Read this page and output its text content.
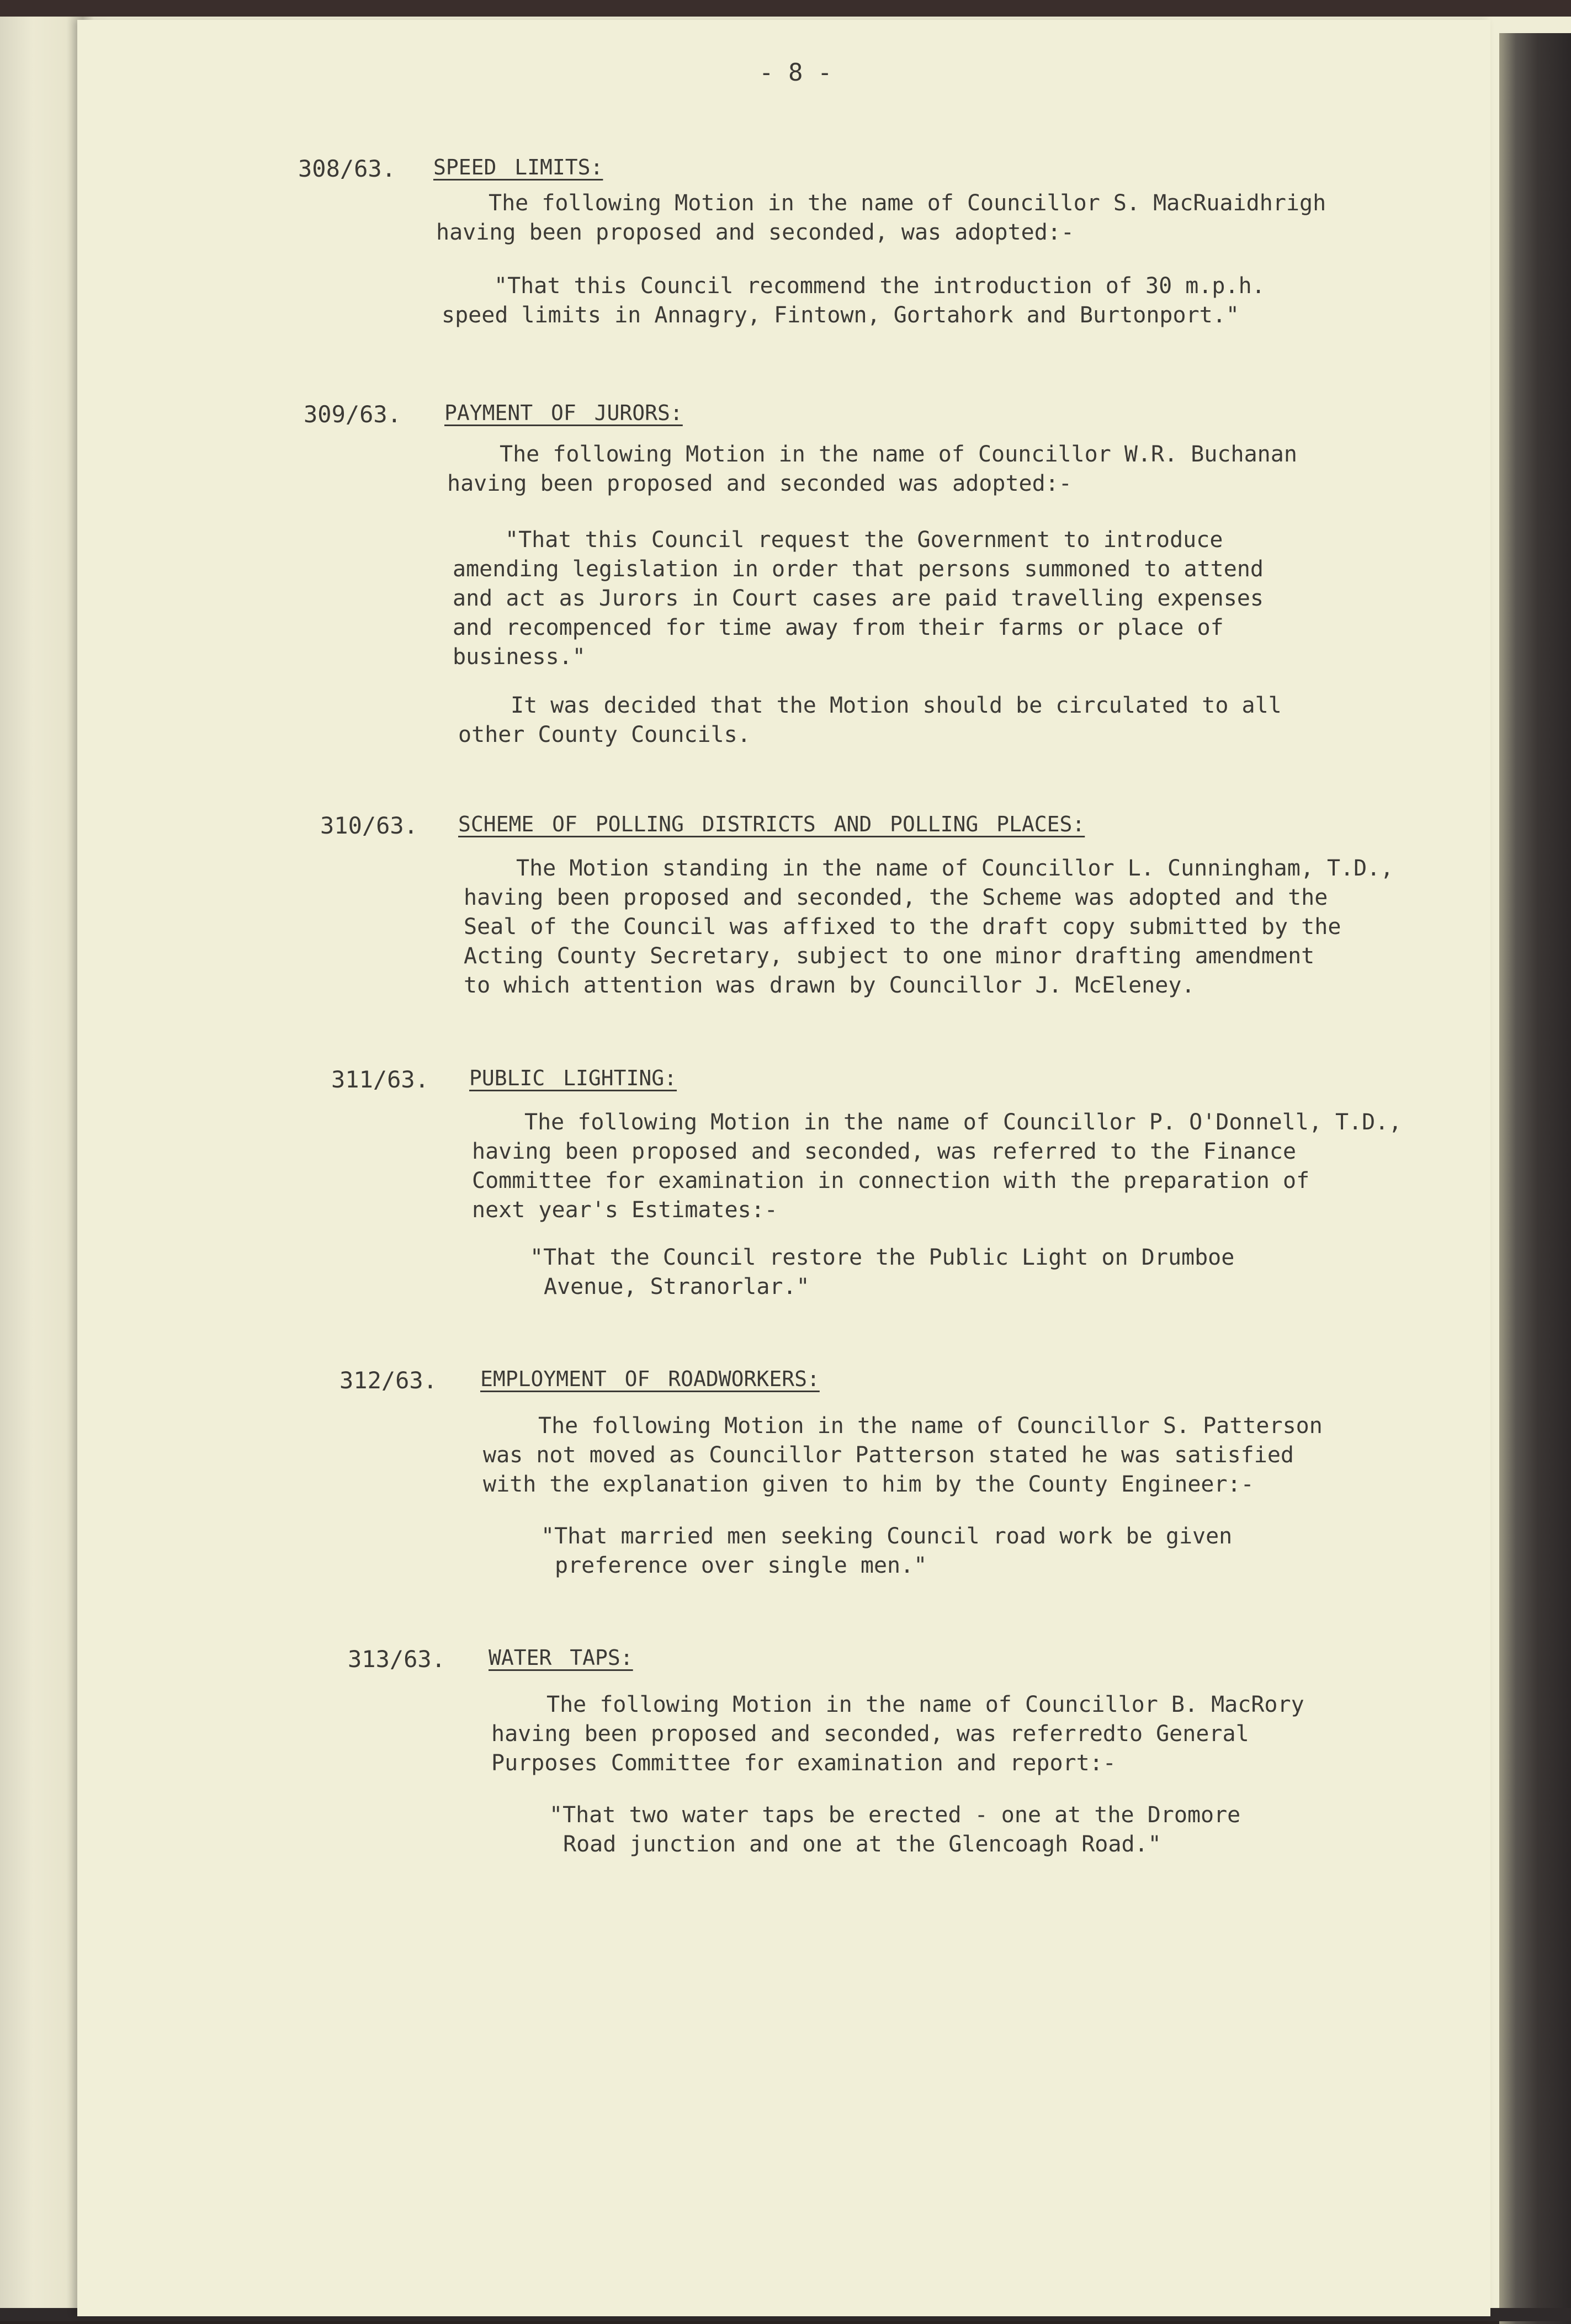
- 8 -
308/63. SPEED LIMITS:
The following Motion in the name of Councillor S. MacRuaidhrigh
having been proposed and seconded, was adopted:-
"That this Council recommend the introduction of 30 m.p.h.
speed limits in Annagry, Fintown, Gortahork and Burtonport."
309/63. PAYMENT OF JURORS:
The following Motion in the name of Councillor W.R. Buchanan
having been proposed and seconded was adopted:-
"That this Council request the Government to introduce
amending legislation in order that persons summoned to attend
and act as Jurors in Court cases are paid travelling expenses
and recompenced for time away from their farms or place of
business."
It was decided that the Motion should be circulated to all
other County Councils.
310/63. SCHEME OF POLLING DISTRICTS AND POLLING PLACES:
The Motion standing in the name of Councillor L. Cunningham, T.D.,
having been proposed and seconded, the Scheme was adopted and the
Seal of the Council was affixed to the draft copy submitted by the
Acting County Secretary, subject to one minor drafting amendment
to which attention was drawn by Councillor J. McEleney.
311/63. PUBLIC LIGHTING:
The following Motion in the name of Councillor P. O'Donnell, T.D.,
having been proposed and seconded, was referred to the Finance
Committee for examination in connection with the preparation of
next year's Estimates:-
"That the Council restore the Public Light on Drumboe
Avenue, Stranorlar."
312/63. EMPLOYMENT OF ROADWORKERS:
The following Motion in the name of Councillor S. Patterson
was not moved as Councillor Patterson stated he was satisfied
with the explanation given to him by the County Engineer:-
"That married men seeking Council road work be given
preference over single men."
313/63. WATER TAPS:
The following Motion in the name of Councillor B. MacRory
having been proposed and seconded, was referredto General
Purposes Committee for examination and report:-
"That two water taps be erected - one at the Dromore
Road junction and one at the Glencoagh Road."
